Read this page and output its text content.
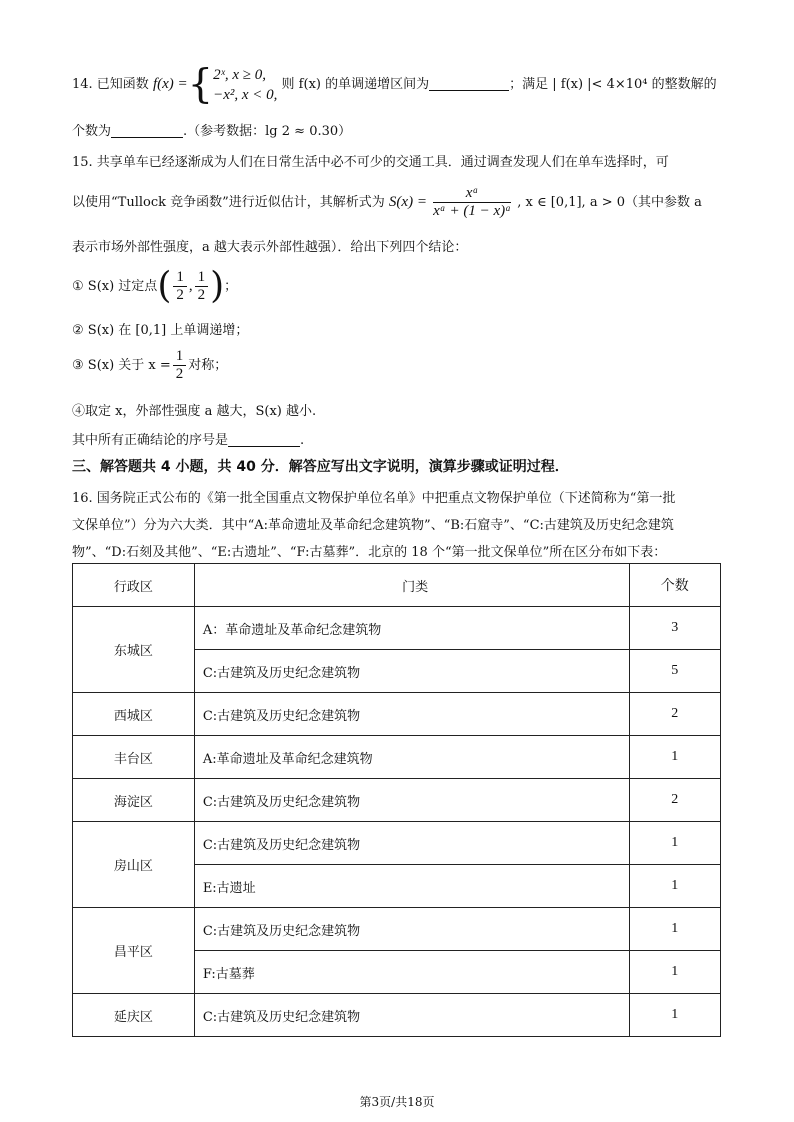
14. 已知函数 f(x) ={ 2ˣ, x ≥ 0,
−x², x < 0,
则 f(x) 的单调递增区间为	；满足 | f(x) |< 4×10⁴ 的整数解的
个数为	.（参考数据：lg 2 ≈ 0.30）
15. 共享单车已经逐渐成为人们在日常生活中必不可少的交通工具．通过调查发现人们在单车选择时，可
以使用“Tullock 竞争函数”进行近似估计，其解析式为 $S(x) = \frac{\text{xᵃ}}{\text{xᵃ + (1 − x)ᵃ}}$ , x ∈ [0,1], a > 0（其中参数 a
表示市场外部性强度，a 越大表示外部性越强）．给出下列四个结论：
① S(x) 过定点( $\frac{1}{2}$ , $\frac{1}{2}$ )；
② S(x) 在 [0,1] 上单调递增；
③ S(x) 关于 $x = \frac{1}{2}$ 对称；
④取定 x，外部性强度 a 越大，S(x) 越小.
其中所有正确结论的序号是	.
三、解答题共 4 小题，共 40 分．解答应写出文字说明，演算步骤或证明过程．
16. 国务院正式公布的《第一批全国重点文物保护单位名单》中把重点文物保护单位（下述简称为“第一批
文保单位”）分为六大类．其中“A:革命遗址及革命纪念建筑物”、“B:石窟寺”、“C:古建筑及历史纪念建筑
物”、“D:石刻及其他”、“E:古遗址”、“F:古墓葬”．北京的 18 个“第一批文保单位”所在区分布如下表：
行政区	门类	个数
东城区	A：革命遗址及革命纪念建筑物	3
	C:古建筑及历史纪念建筑物	5
西城区	C:古建筑及历史纪念建筑物	2
丰台区	A:革命遗址及革命纪念建筑物	1
海淀区	C:古建筑及历史纪念建筑物	2
房山区	C:古建筑及历史纪念建筑物	1
	E:古遗址	1
昌平区	C:古建筑及历史纪念建筑物	1
	F:古墓葬	1
延庆区	C:古建筑及历史纪念建筑物	1
第3页/共18页
